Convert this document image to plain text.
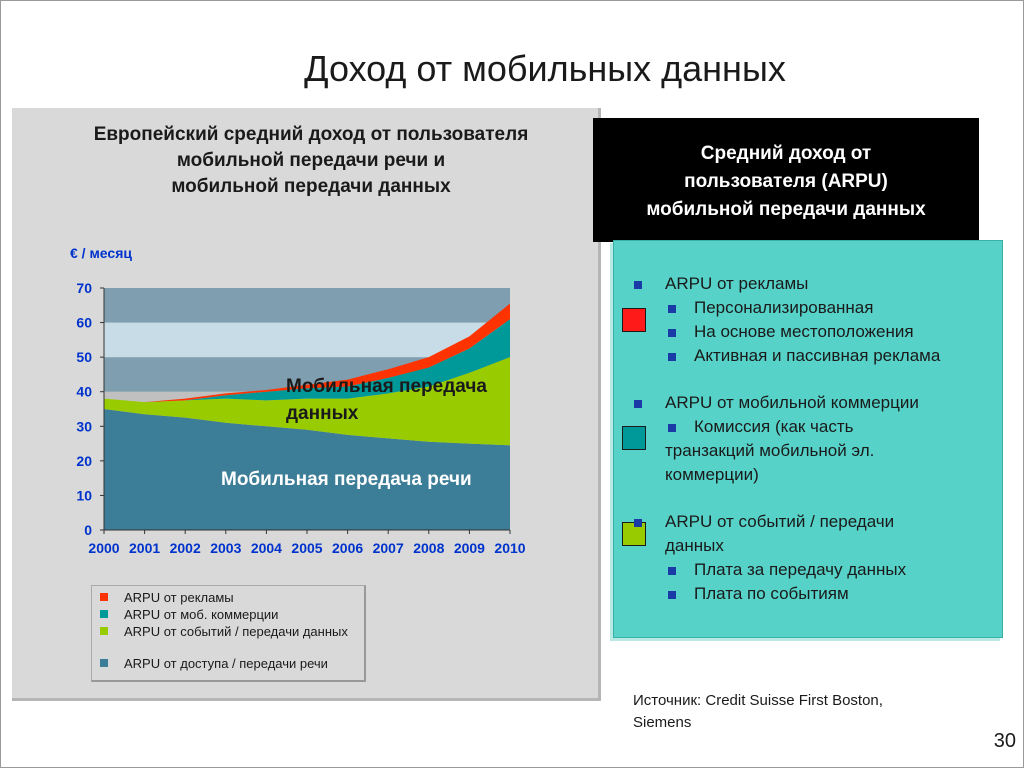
Доход от мобильных данных
Европейский средний доход от пользователя
мобильной передачи речи и
мобильной передачи данных
0
10
20
30
40
50
60
70
2000 2001 2002 2003 2004 2005 2006 2007 2008 2009 2010
€ / месяц
Мобильная передача данных
Мобильная передача речи
ARPU от рекламы
ARPU от моб. коммерции
ARPU от событий / передачи данных
ARPU от доступа / передачи речи
Средний доход от
пользователя (ARPU)
мобильной передачи данных
Источник: Credit Suisse First Boston,
Siemens
30
ARPU от рекламы
Персонализированная
На основе местоположения
Активная и пассивная реклама
ARPU от мобильной коммерции
Комиссия (как часть
транзакций мобильной эл.
коммерции)
ARPU от событий / передачи
данных
Плата за передачу данных
Плата по событиям
